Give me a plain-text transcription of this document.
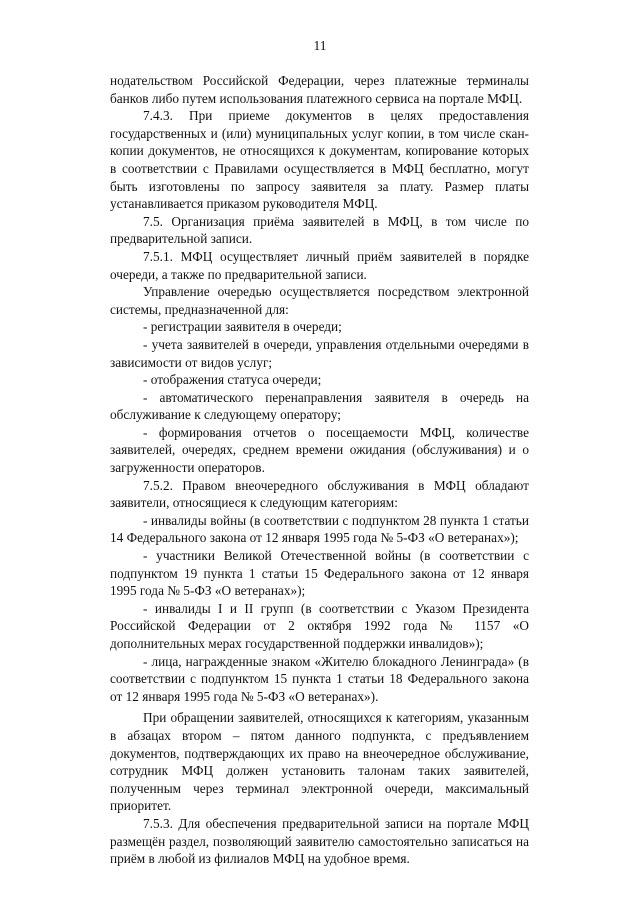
11

нодательством Российской Федерации, через платежные терминалы банков либо путем использования платежного сервиса на портале МФЦ.

7.4.3. При приеме документов в целях предоставления государственных и (или) муниципальных услуг копии, в том числе скан-копии документов, не относящихся к документам, копирование которых в соответствии с Правилами осуществляется в МФЦ бесплатно, могут быть изготовлены по запросу заявителя за плату. Размер платы устанавливается приказом руководителя МФЦ.

7.5. Организация приёма заявителей в МФЦ, в том числе по предварительной записи.

7.5.1. МФЦ осуществляет личный приём заявителей в порядке очереди, а также по предварительной записи.

Управление очередью осуществляется посредством электронной системы, предназначенной для:

- регистрации заявителя в очереди;

- учета заявителей в очереди, управления отдельными очередями в зависимости от видов услуг;

- отображения статуса очереди;

- автоматического перенаправления заявителя в очередь на обслуживание к следующему оператору;

- формирования отчетов о посещаемости МФЦ, количестве заявителей, очередях, среднем времени ожидания (обслуживания) и о загруженности операторов.

7.5.2. Правом внеочередного обслуживания в МФЦ обладают заявители, относящиеся к следующим категориям:

- инвалиды войны (в соответствии с подпунктом 28 пункта 1 статьи 14 Федерального закона от 12 января 1995 года № 5-ФЗ «О ветеранах»);

- участники Великой Отечественной войны (в соответствии с подпунктом 19 пункта 1 статьи 15 Федерального закона от 12 января 1995 года № 5-ФЗ «О ветеранах»);

- инвалиды I и II групп (в соответствии с Указом Президента Российской Федерации от 2 октября 1992 года № 1157 «О дополнительных мерах государственной поддержки инвалидов»);

- лица, награжденные знаком «Жителю блокадного Ленинграда» (в соответствии с подпунктом 15 пункта 1 статьи 18 Федерального закона от 12 января 1995 года № 5-ФЗ «О ветеранах»).

При обращении заявителей, относящихся к категориям, указанным в абзацах втором – пятом данного подпункта, с предъявлением документов, подтверждающих их право на внеочередное обслуживание, сотрудник МФЦ должен установить талонам таких заявителей, полученным через терминал электронной очереди, максимальный приоритет.

7.5.3. Для обеспечения предварительной записи на портале МФЦ размещён раздел, позволяющий заявителю самостоятельно записаться на приём в любой из филиалов МФЦ на удобное время.
